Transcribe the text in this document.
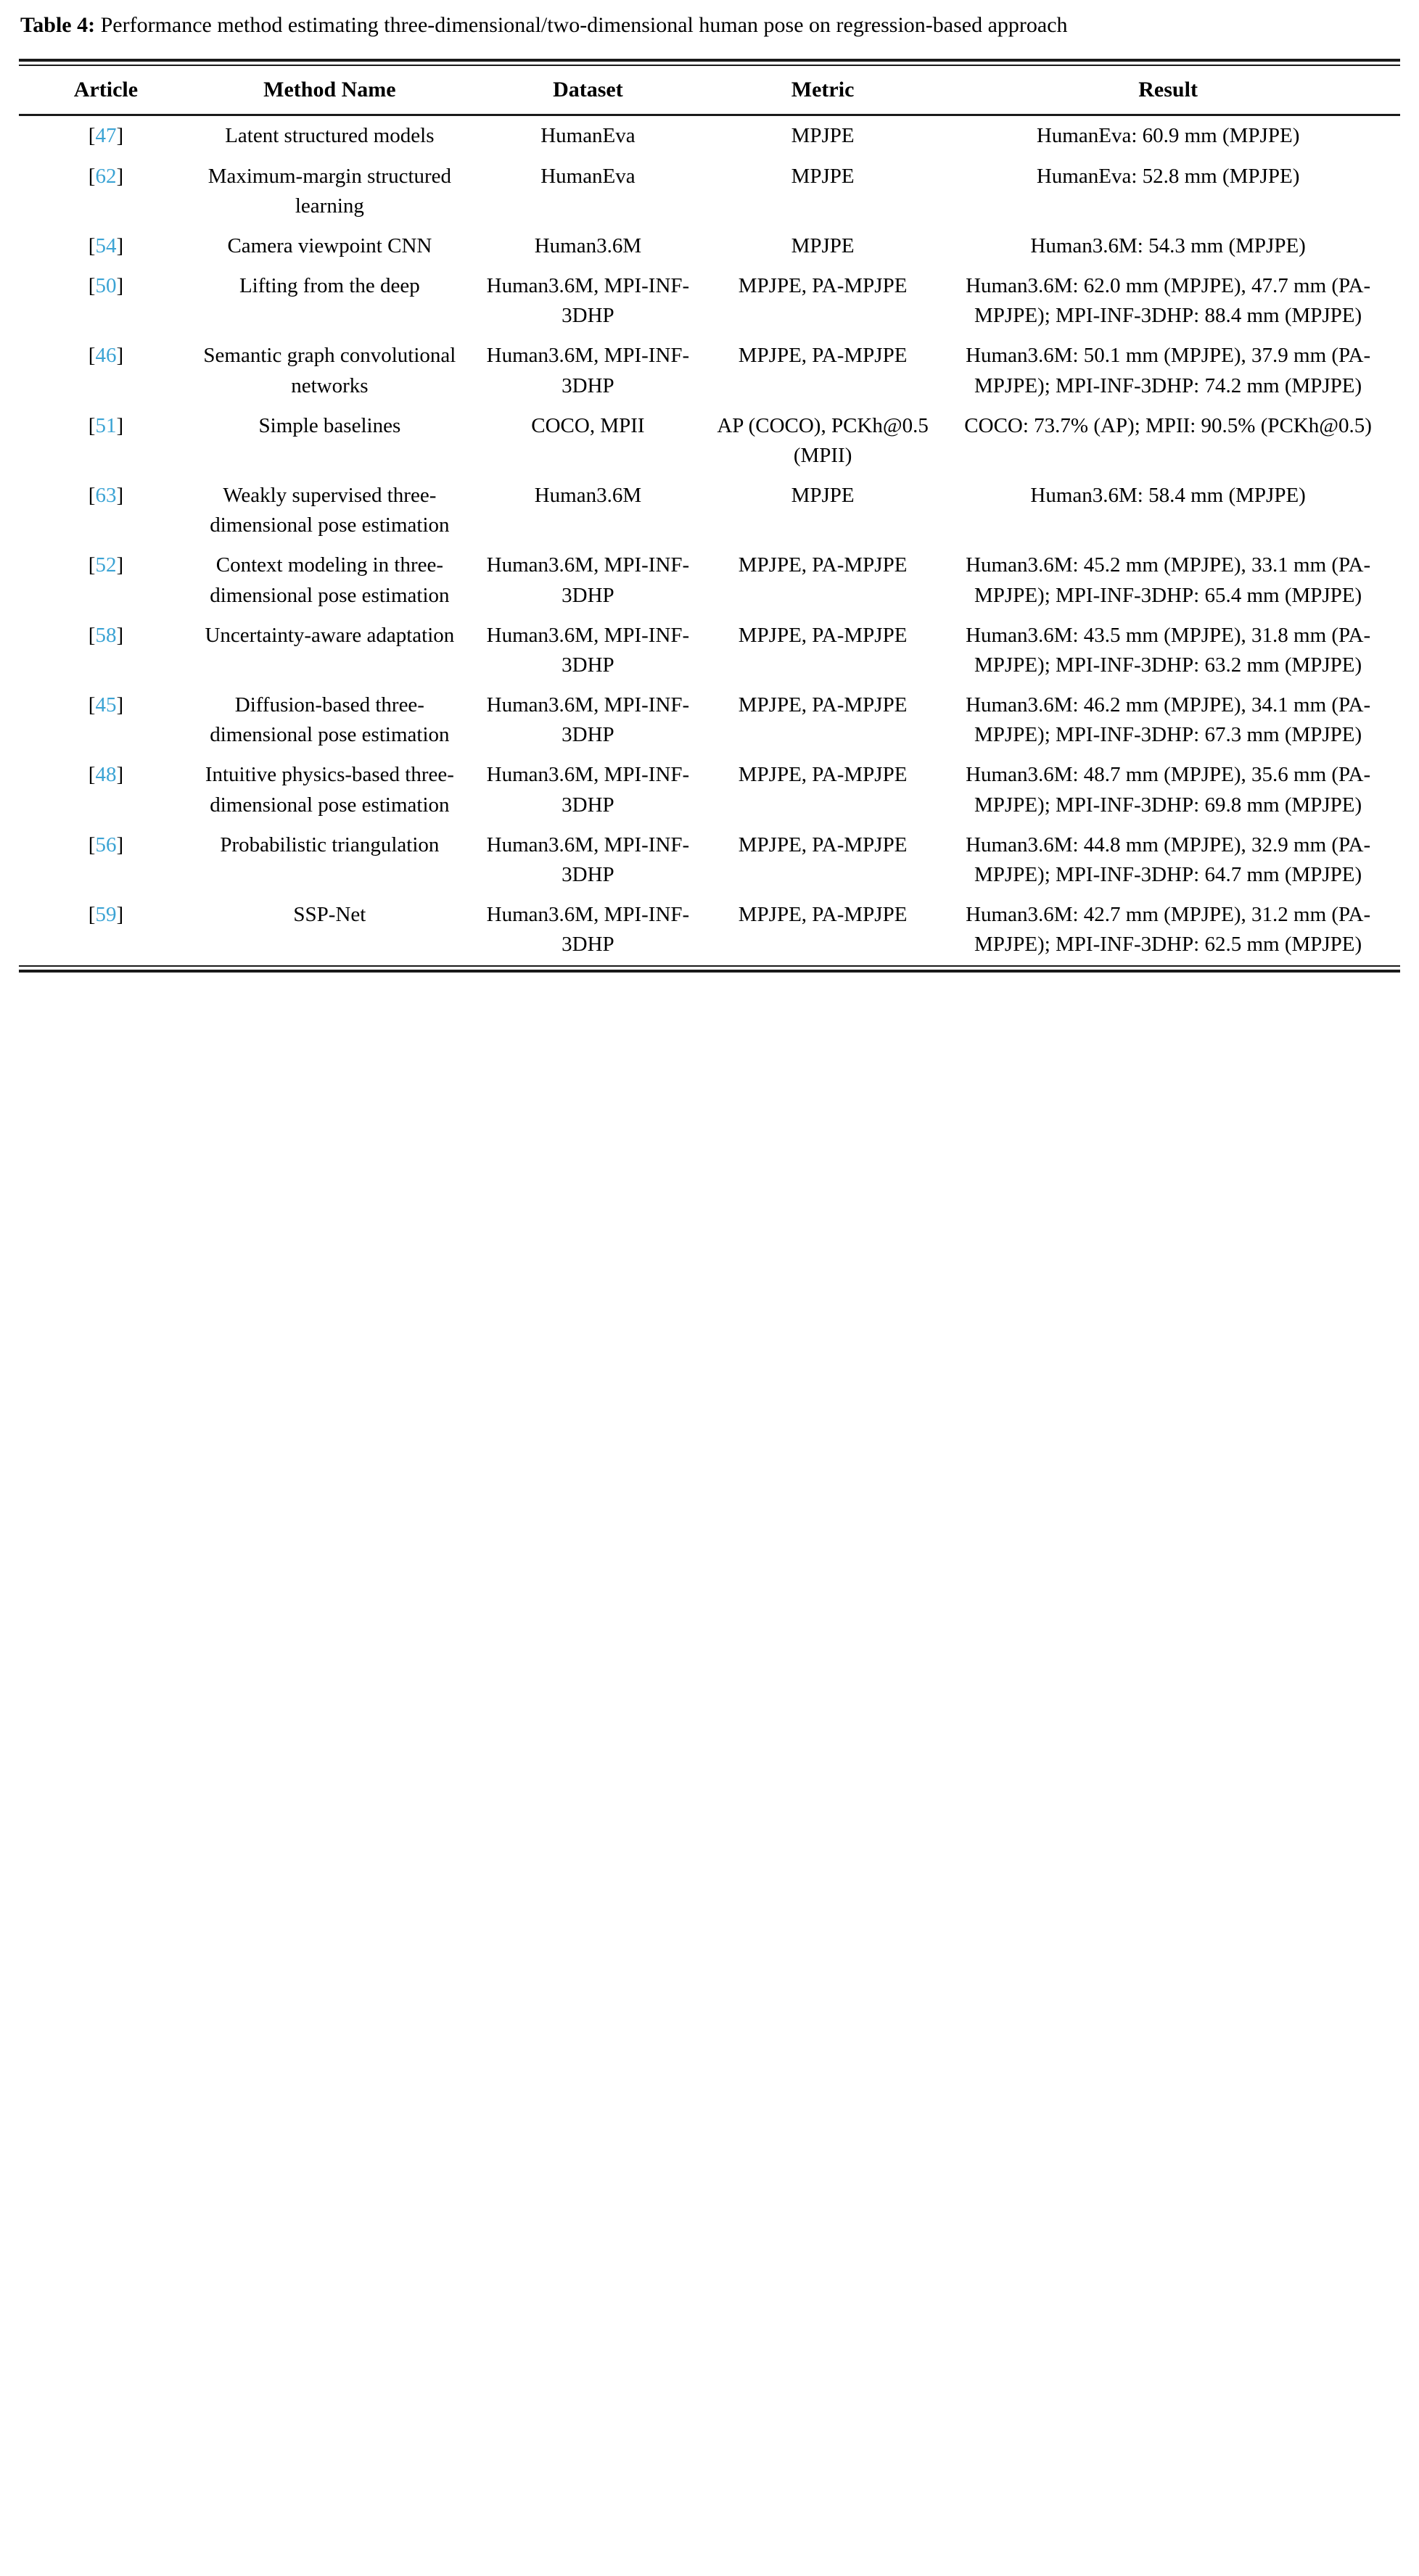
Table 4: Performance method estimating three-dimensional/two-dimensional human pose on regression-based approach

Article	Method Name	Dataset	Metric	Result
[47]	Latent structured models	HumanEva	MPJPE	HumanEva: 60.9 mm (MPJPE)
[62]	Maximum-margin structured learning	HumanEva	MPJPE	HumanEva: 52.8 mm (MPJPE)
[54]	Camera viewpoint CNN	Human3.6M	MPJPE	Human3.6M: 54.3 mm (MPJPE)
[50]	Lifting from the deep	Human3.6M, MPI-INF-3DHP	MPJPE, PA-MPJPE	Human3.6M: 62.0 mm (MPJPE), 47.7 mm (PA-MPJPE); MPI-INF-3DHP: 88.4 mm (MPJPE)
[46]	Semantic graph convolutional networks	Human3.6M, MPI-INF-3DHP	MPJPE, PA-MPJPE	Human3.6M: 50.1 mm (MPJPE), 37.9 mm (PA-MPJPE); MPI-INF-3DHP: 74.2 mm (MPJPE)
[51]	Simple baselines	COCO, MPII	AP (COCO), PCKh@0.5 (MPII)	COCO: 73.7% (AP); MPII: 90.5% (PCKh@0.5)
[63]	Weakly supervised three-dimensional pose estimation	Human3.6M	MPJPE	Human3.6M: 58.4 mm (MPJPE)
[52]	Context modeling in three-dimensional pose estimation	Human3.6M, MPI-INF-3DHP	MPJPE, PA-MPJPE	Human3.6M: 45.2 mm (MPJPE), 33.1 mm (PA-MPJPE); MPI-INF-3DHP: 65.4 mm (MPJPE)
[58]	Uncertainty-aware adaptation	Human3.6M, MPI-INF-3DHP	MPJPE, PA-MPJPE	Human3.6M: 43.5 mm (MPJPE), 31.8 mm (PA-MPJPE); MPI-INF-3DHP: 63.2 mm (MPJPE)
[45]	Diffusion-based three-dimensional pose estimation	Human3.6M, MPI-INF-3DHP	MPJPE, PA-MPJPE	Human3.6M: 46.2 mm (MPJPE), 34.1 mm (PA-MPJPE); MPI-INF-3DHP: 67.3 mm (MPJPE)
[48]	Intuitive physics-based three-dimensional pose estimation	Human3.6M, MPI-INF-3DHP	MPJPE, PA-MPJPE	Human3.6M: 48.7 mm (MPJPE), 35.6 mm (PA-MPJPE); MPI-INF-3DHP: 69.8 mm (MPJPE)
[56]	Probabilistic triangulation	Human3.6M, MPI-INF-3DHP	MPJPE, PA-MPJPE	Human3.6M: 44.8 mm (MPJPE), 32.9 mm (PA-MPJPE); MPI-INF-3DHP: 64.7 mm (MPJPE)
[59]	SSP-Net	Human3.6M, MPI-INF-3DHP	MPJPE, PA-MPJPE	Human3.6M: 42.7 mm (MPJPE), 31.2 mm (PA-MPJPE); MPI-INF-3DHP: 62.5 mm (MPJPE)
